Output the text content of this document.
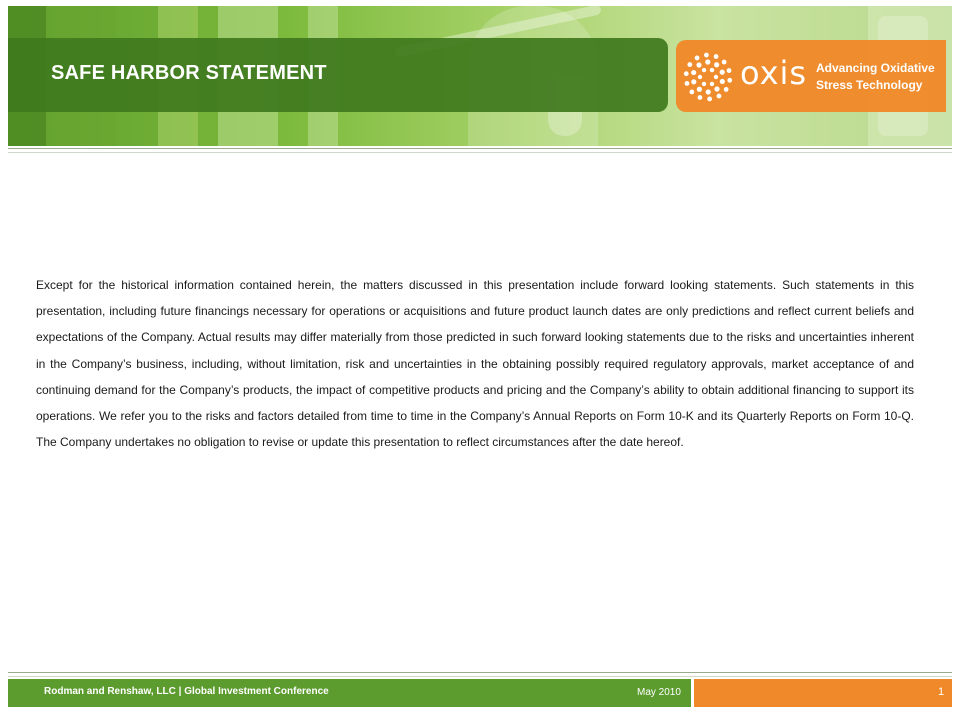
SAFE HARBOR STATEMENT	oxis Advancing Oxidative
Stress Technology

Except for the historical information contained herein, the matters discussed in this presentation include forward looking statements. Such statements in this presentation, including future financings necessary for operations or acquisitions and future product launch dates are only predictions and reflect current beliefs and expectations of the Company. Actual results may differ materially from those predicted in such forward looking statements due to the risks and uncertainties inherent in the Company’s business, including, without limitation, risk and uncertainties in the obtaining possibly required regulatory approvals, market acceptance of and continuing demand for the Company’s products, the impact of competitive products and pricing and the Company’s ability to obtain additional financing to support its operations. We refer you to the risks and factors detailed from time to time in the Company’s Annual Reports on Form 10-K and its Quarterly Reports on Form 10-Q. The Company undertakes no obligation to revise or update this presentation to reflect circumstances after the date hereof.

Rodman and Renshaw, LLC | Global Investment Conference	May 2010	1
